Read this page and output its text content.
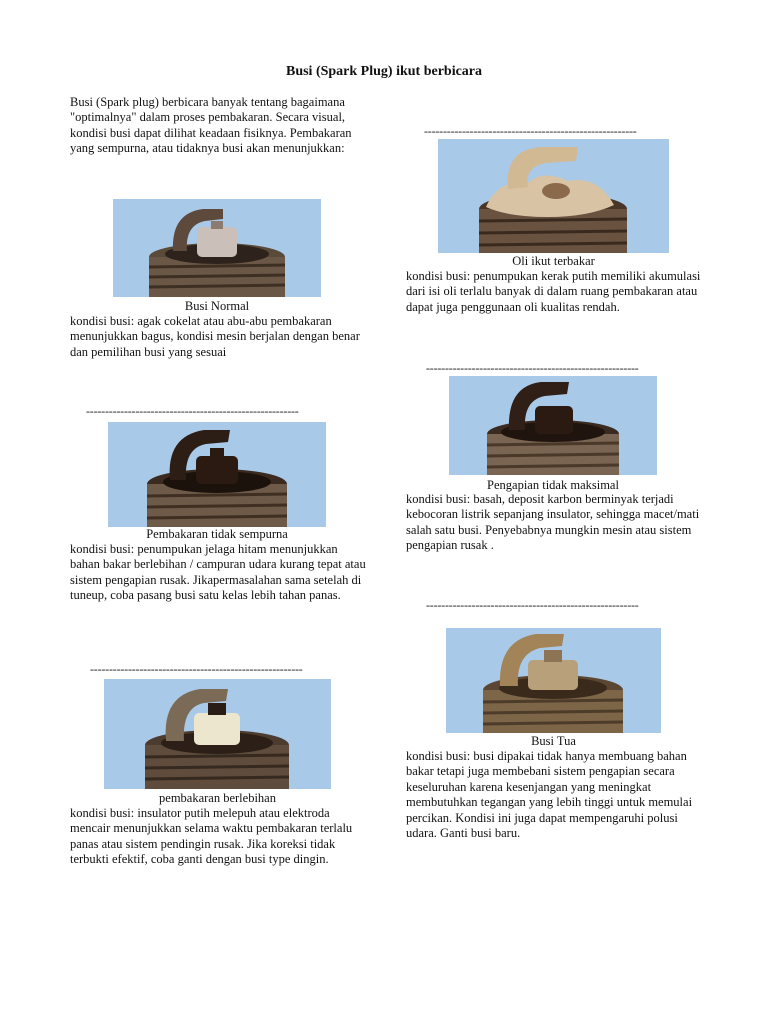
Busi (Spark Plug) ikut berbicara
Busi (Spark plug) berbicara banyak tentang bagaimana "optimalnya" dalam proses pembakaran. Secara visual, kondisi busi dapat dilihat keadaan fisiknya. Pembakaran yang sempurna, atau tidaknya busi akan menunjukkan:
Busi Normal
kondisi busi: agak cokelat atau abu-abu pembakaran menunjukkan bagus, kondisi mesin berjalan dengan benar dan pemilihan busi yang sesuai
--------------------------------------------------------
Pembakaran tidak sempurna
kondisi busi: penumpukan jelaga hitam menunjukkan bahan bakar berlebihan / campuran udara kurang tepat atau sistem pengapian rusak. Jikapermasalahan sama setelah di tuneup, coba pasang busi satu kelas lebih tahan panas.
--------------------------------------------------------
pembakaran berlebihan
kondisi busi: insulator putih melepuh atau elektroda mencair menunjukkan selama waktu pembakaran terlalu panas atau sistem pendingin rusak. Jika koreksi tidak terbukti efektif, coba ganti dengan busi type dingin.
--------------------------------------------------------
Oli ikut terbakar
kondisi busi: penumpukan kerak putih memiliki akumulasi dari isi oli terlalu banyak di dalam ruang pembakaran atau dapat juga penggunaan oli kualitas rendah.
--------------------------------------------------------
Pengapian tidak maksimal
kondisi busi: basah, deposit karbon berminyak terjadi kebocoran listrik sepanjang insulator, sehingga macet/mati salah satu busi. Penyebabnya mungkin mesin atau sistem pengapian rusak .
--------------------------------------------------------
Busi Tua
kondisi busi: busi dipakai tidak hanya membuang bahan bakar tetapi juga membebani sistem pengapian secara keseluruhan karena kesenjangan yang meningkat membutuhkan tegangan yang lebih tinggi untuk memulai percikan. Kondisi ini juga dapat mempengaruhi polusi udara. Ganti busi baru.
